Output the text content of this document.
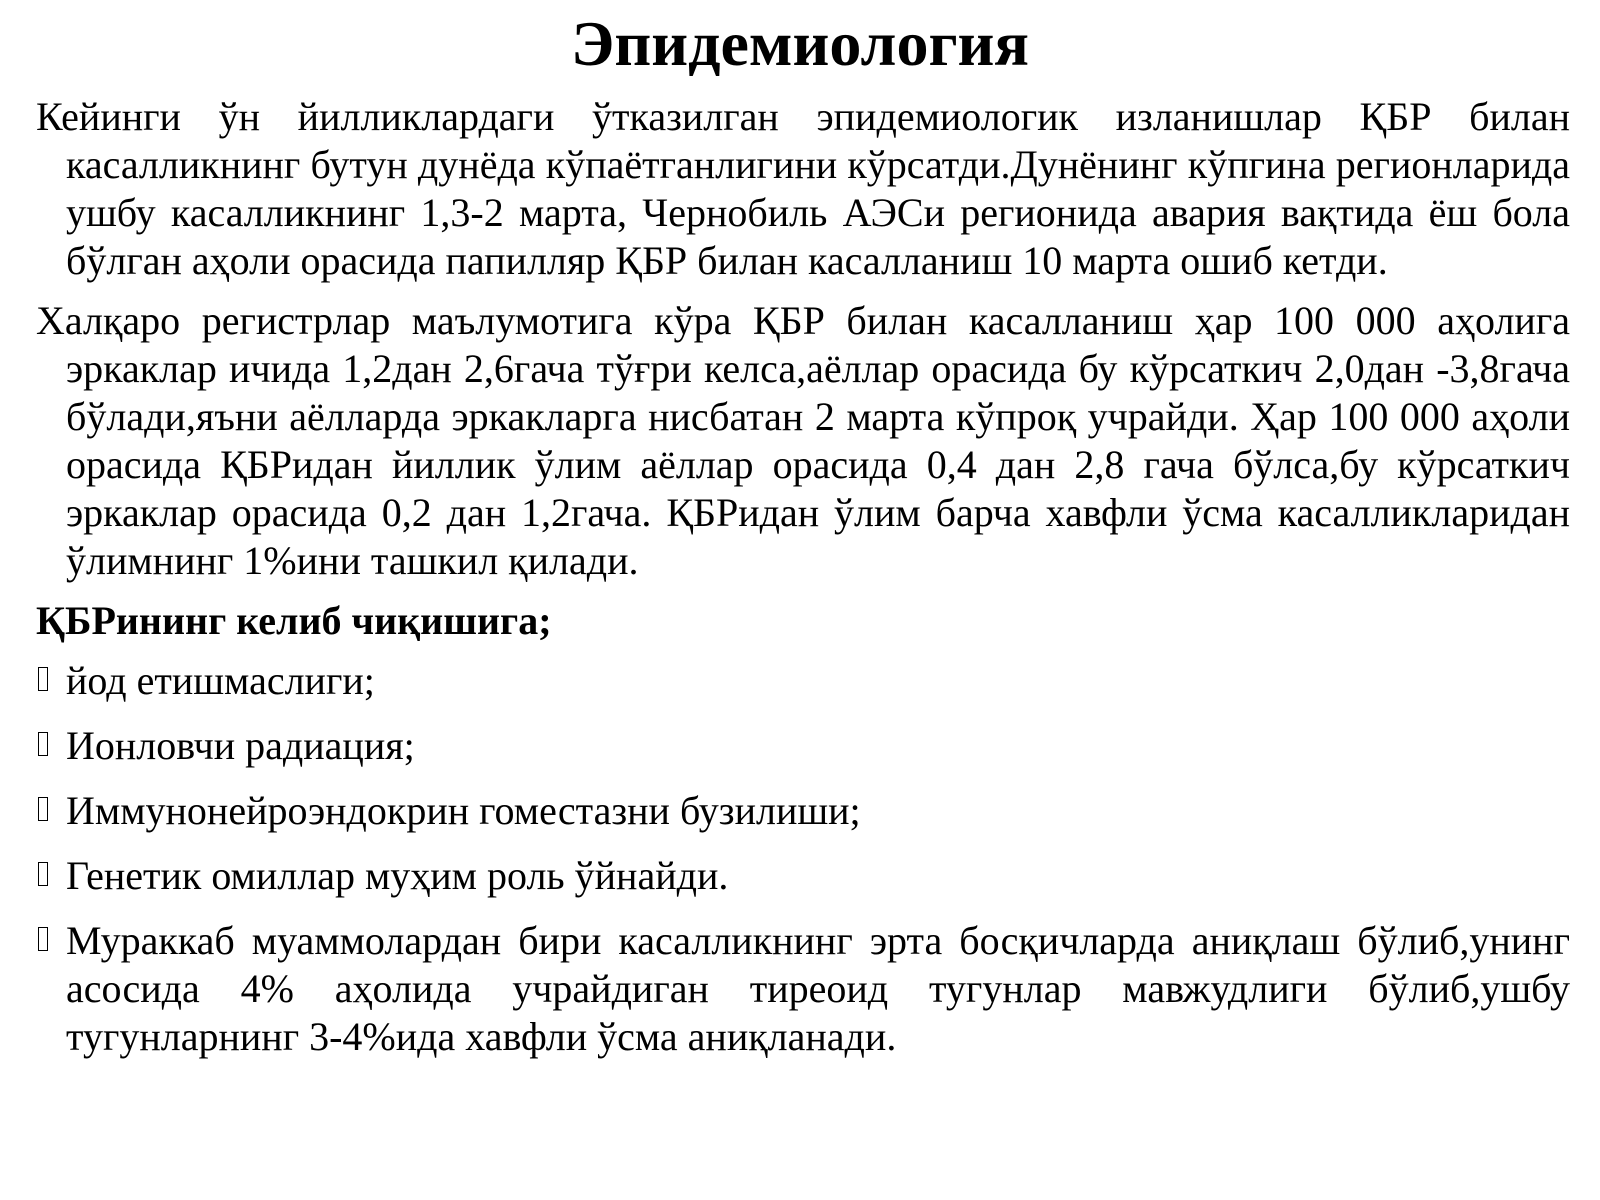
Эпидемиология

Кейинги ўн йилликлардаги ўтказилган эпидемиологик изланишлар ҚБР билан касалликнинг бутун дунёда кўпаётганлигини кўрсатди.Дунёнинг кўпгина регионларида ушбу касалликнинг 1,3-2 марта, Чернобиль АЭСи регионида авария вақтида ёш бола бўлган аҳоли орасида папилляр ҚБР билан касалланиш 10 марта ошиб кетди.

Халқаро регистрлар маълумотига кўра ҚБР билан касалланиш ҳар 100 000 аҳолига эркаклар ичида 1,2дан 2,6гача тўғри келса,аёллар орасида бу кўрсаткич 2,0дан -3,8гача бўлади,яъни аёлларда эркакларга нисбатан 2 марта кўпроқ учрайди. Ҳар 100 000 аҳоли орасида ҚБРидан йиллик ўлим аёллар орасида 0,4 дан 2,8 гача бўлса,бу кўрсаткич эркаклар орасида 0,2 дан 1,2гача. ҚБРидан ўлим барча хавфли ўсма касалликларидан ўлимнинг 1%ини ташкил қилади.

ҚБРининг келиб чиқишига;

йод етишмаслиги;
Ионловчи радиация;
Иммунонейроэндокрин гоместазни бузилиши;
Генетик омиллар муҳим роль ўйнайди.
Мураккаб муаммолардан бири касалликнинг эрта босқичларда аниқлаш бўлиб,унинг асосида 4% аҳолида учрайдиган тиреоид тугунлар мавжудлиги бўлиб,ушбу тугунларнинг 3-4%ида хавфли ўсма аниқланади.
